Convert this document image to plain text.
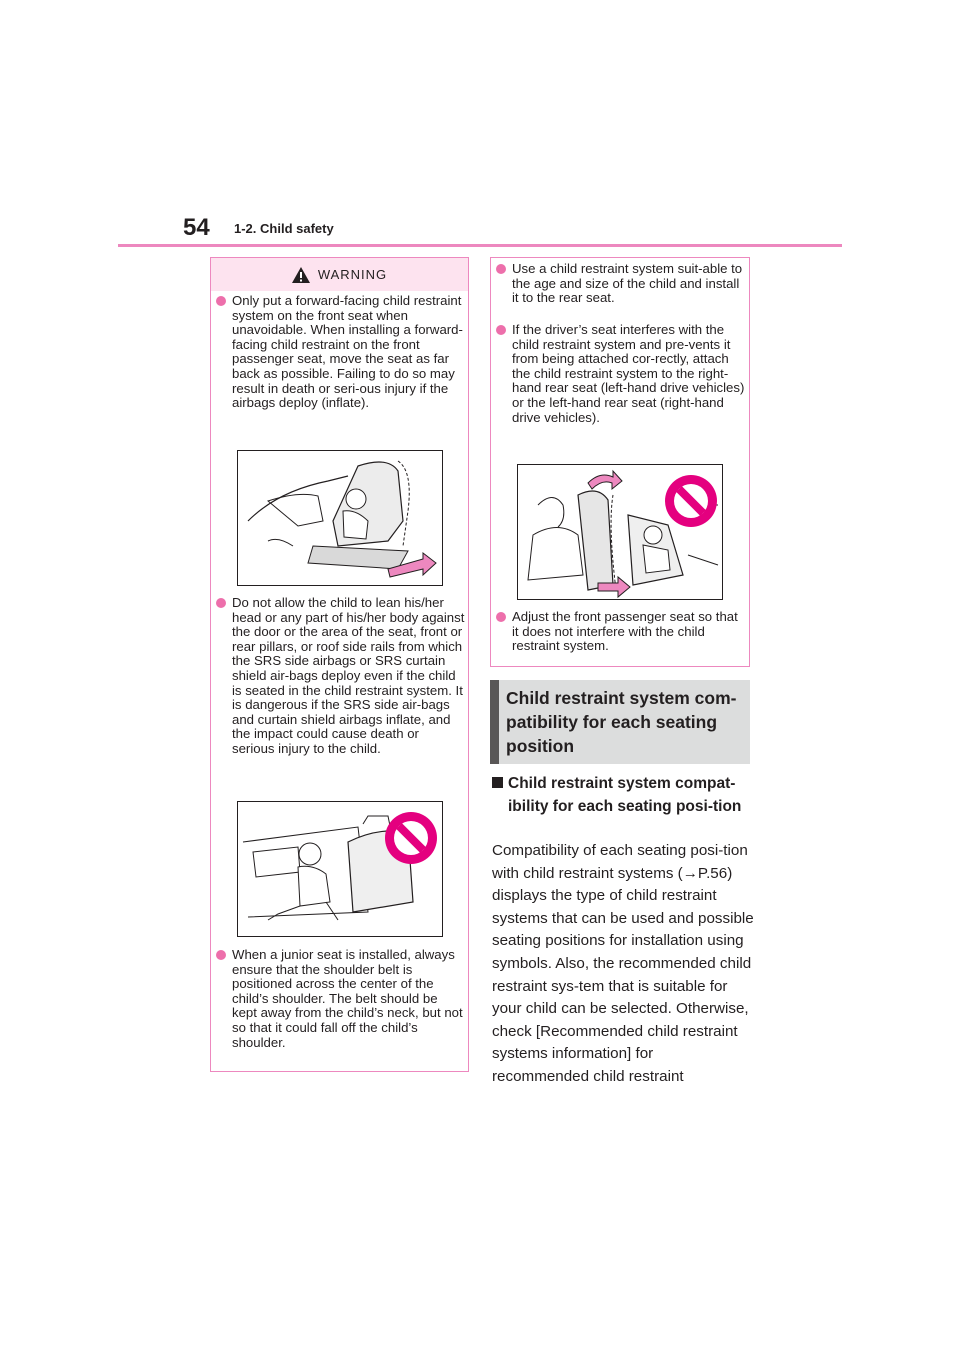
54 1-2. Child safety
WARNING
Only put a forward-facing child restraint system on the front seat when unavoidable. When installing a forward-facing child restraint on the front passenger seat, move the seat as far back as possible. Failing to do so may result in death or seri-ous injury if the airbags deploy (inflate).
Do not allow the child to lean his/her head or any part of his/her body against the door or the area of the seat, front or rear pillars, or roof side rails from which the SRS side airbags or SRS curtain shield air-bags deploy even if the child is seated in the child restraint system. It is dangerous if the SRS side air-bags and curtain shield airbags inflate, and the impact could cause death or serious injury to the child.
When a junior seat is installed, always ensure that the shoulder belt is positioned across the center of the child’s shoulder. The belt should be kept away from the child’s neck, but not so that it could fall off the child’s shoulder.
Use a child restraint system suit-able to the age and size of the child and install it to the rear seat.
If the driver’s seat interferes with the child restraint system and pre-vents it from being attached cor-rectly, attach the child restraint system to the right-hand rear seat (left-hand drive vehicles) or the left-hand rear seat (right-hand drive vehicles).
Adjust the front passenger seat so that it does not interfere with the child restraint system.
Child restraint system com-patibility for each seating position
Child restraint system compat-ibility for each seating posi-tion
Compatibility of each seating posi-tion with child restraint systems (→P.56) displays the type of child restraint systems that can be used and possible seating positions for installation using symbols. Also, the recommended child restraint sys-tem that is suitable for your child can be selected. Otherwise, check [Recommended child restraint systems information] for recommended child restraint
